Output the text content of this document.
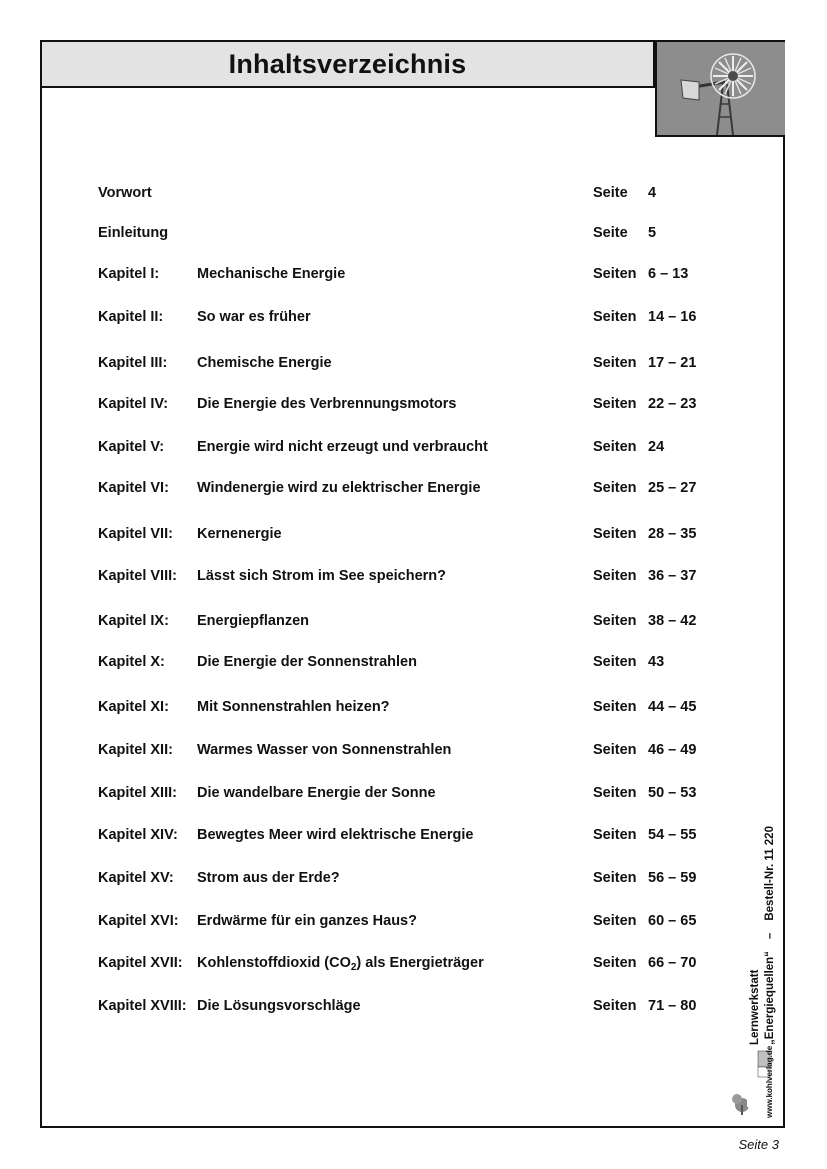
Inhaltsverzeichnis
Vorwort	Seite 4
Einleitung	Seite 5
Kapitel I:	Mechanische Energie	Seiten 6 – 13
Kapitel II: So war es früher	Seiten 14 – 16
Kapitel III: Chemische Energie	Seiten 17 – 21
Kapitel IV: Die Energie des Verbrennungsmotors	Seiten 22 – 23
Kapitel V: Energie wird nicht erzeugt und verbraucht	Seiten 24
Kapitel VI: Windenergie wird zu elektrischer Energie	Seiten 25 – 27
Kapitel VII: Kernenergie	Seiten 28 – 35
Kapitel VIII: Lässt sich Strom im See speichern?	Seiten 36 – 37
Kapitel IX: Energiepflanzen	Seiten 38 – 42
Kapitel X: Die Energie der Sonnenstrahlen	Seiten 43
Kapitel XI: Mit Sonnenstrahlen heizen?	Seiten 44 – 45
Kapitel XII: Warmes Wasser von Sonnenstrahlen	Seiten 46 – 49
Kapitel XIII: Die wandelbare Energie der Sonne	Seiten 50 – 53
Kapitel XIV: Bewegtes Meer wird elektrische Energie	Seiten 54 – 55
Kapitel XV: Strom aus der Erde?	Seiten 56 – 59
Kapitel XVI: Erdwärme für ein ganzes Haus?	Seiten 60 – 65
Kapitel XVII: Kohlenstoffdioxid $(CO_2)$ als Energieträger	Seiten 66 – 70
Kapitel XVIII: Die Lösungsvorschläge	Seiten 71 – 80	Lernwerkstatt „Energiequellen“–Bestell-Nr. 11 220
www.kohlverlag.de
Seite 3
